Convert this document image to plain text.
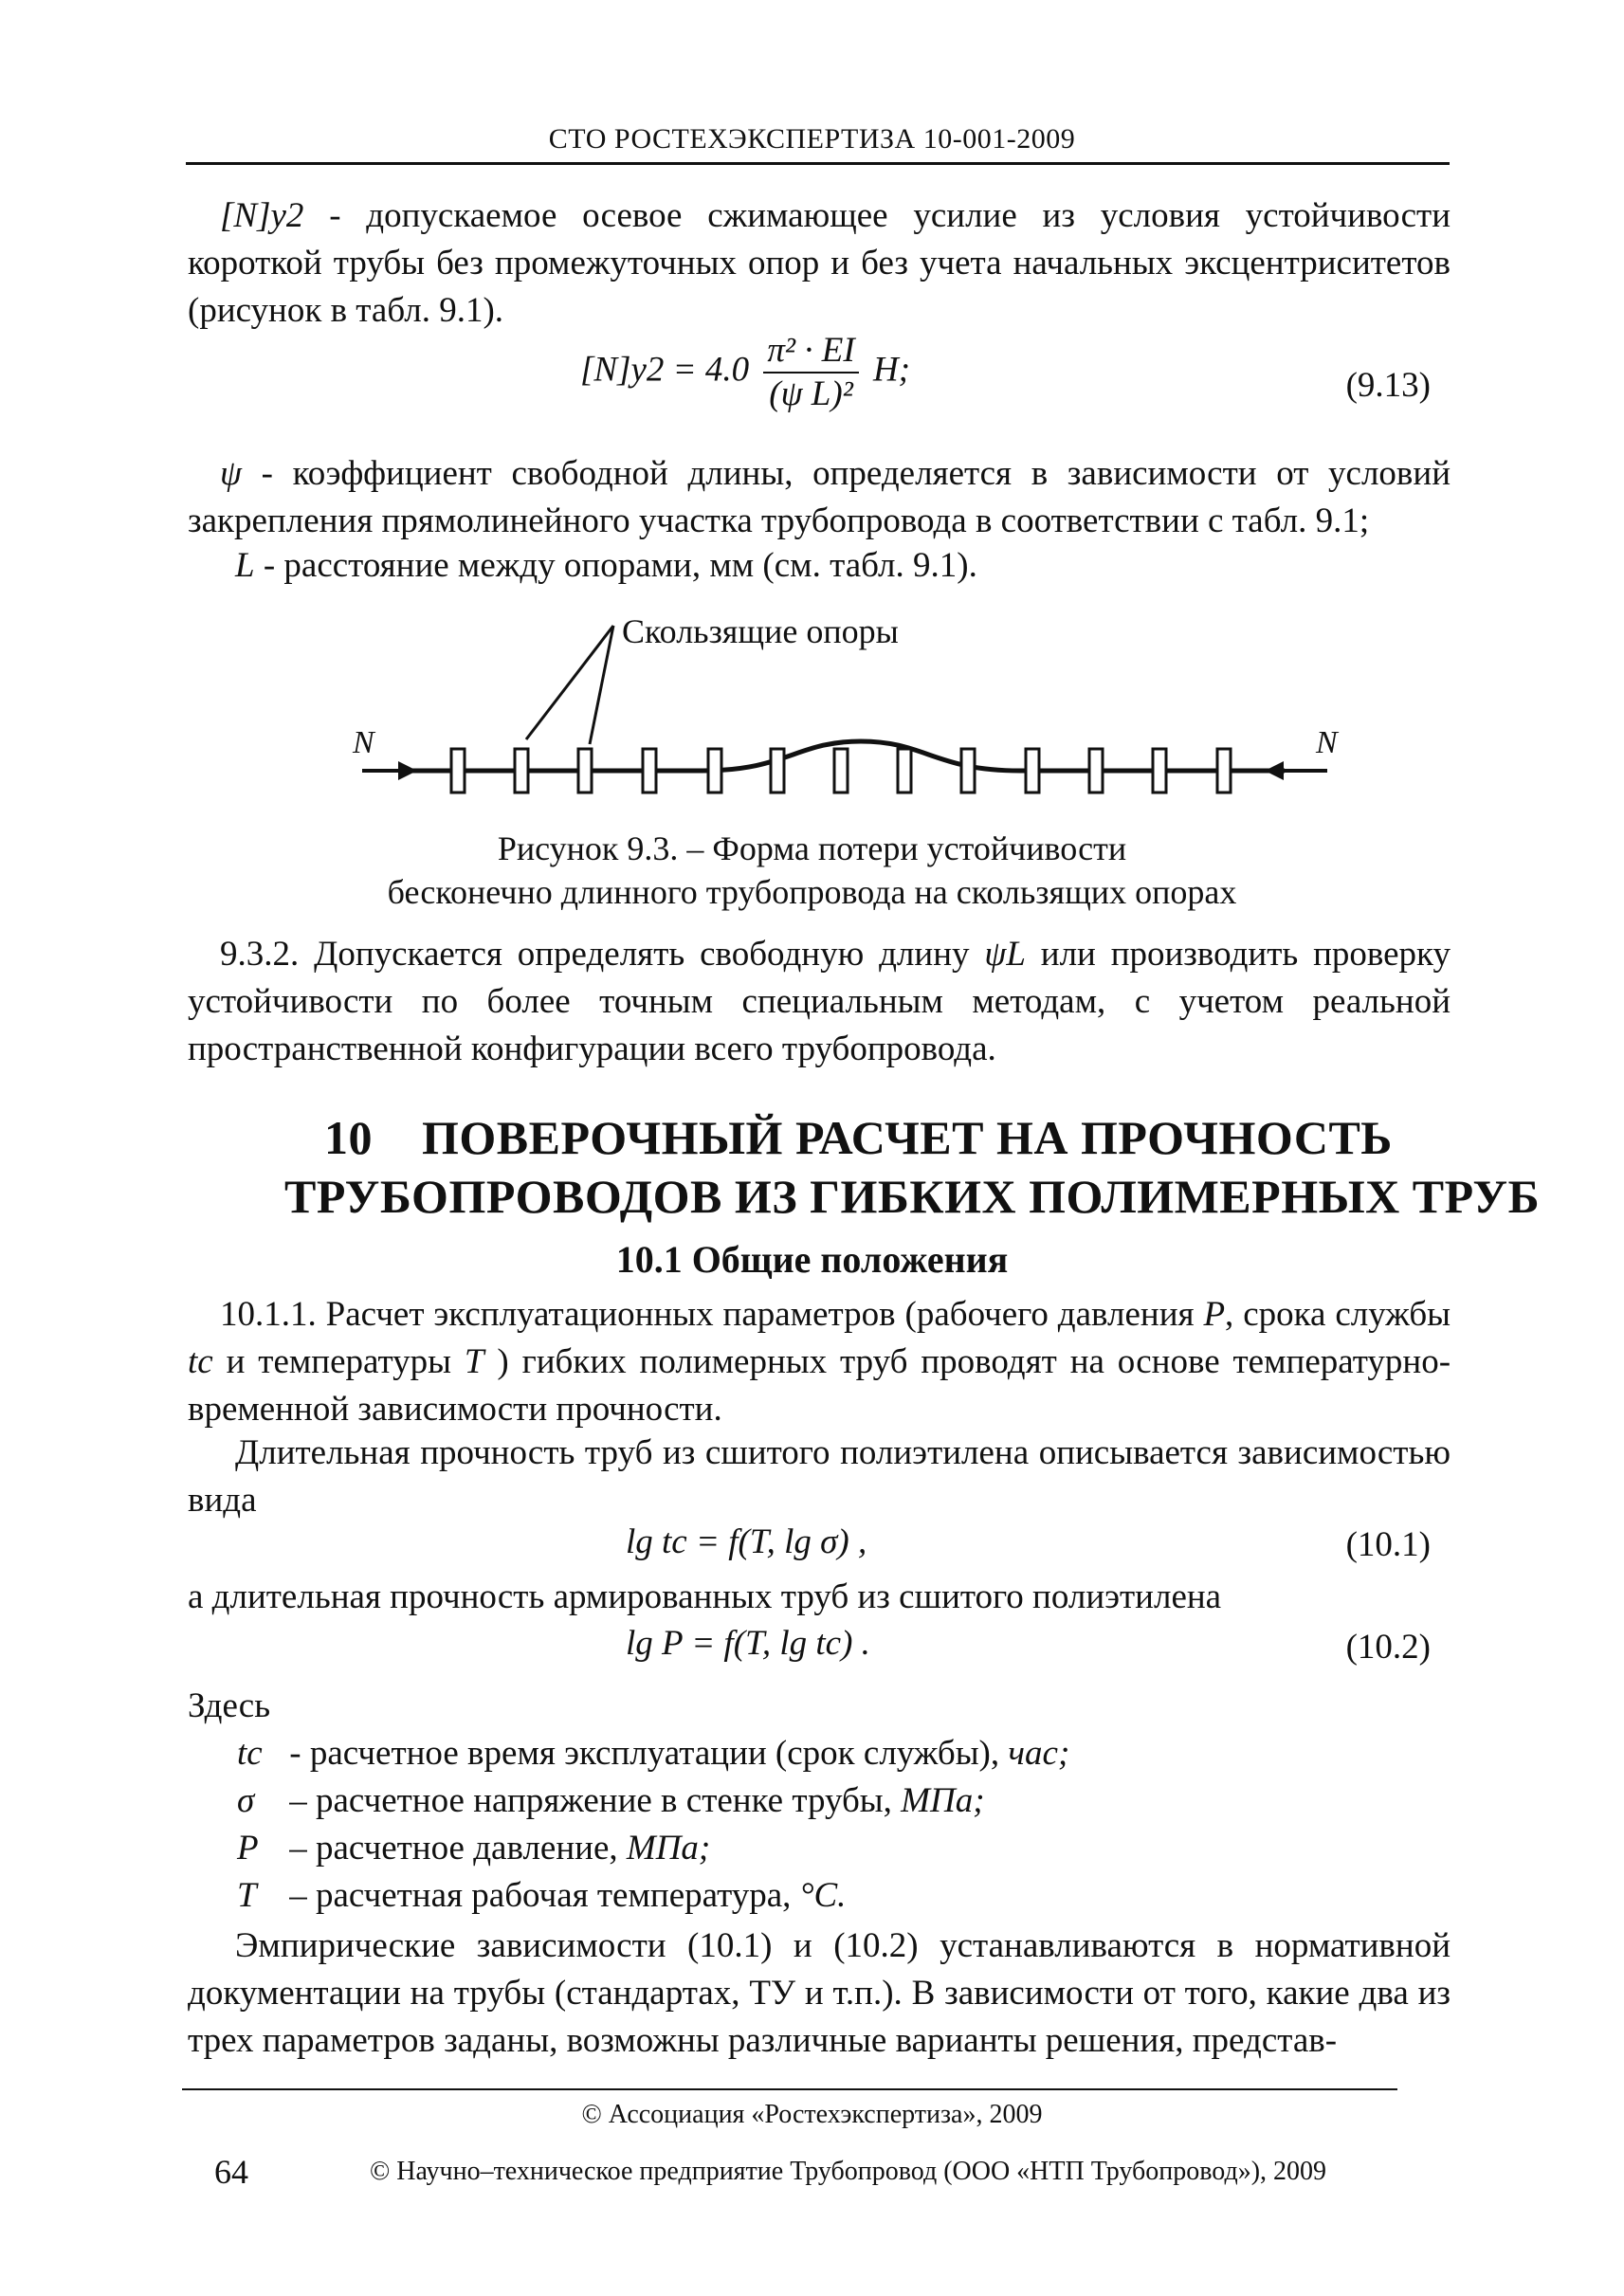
СТО РОСТЕХЭКСПЕРТИЗА 10-001-2009

[N]y2 - допускаемое осевое сжимающее усилие из условия устойчивости короткой трубы без промежуточных опор и без учета начальных эксцентриситетов (рисунок в табл. 9.1).

$[N]y2 = 4.0 \frac{\text{π² · EI}}{\text{(ψ L)²}} H$;	(9.13)

ψ - коэффициент свободной длины, определяется в зависимости от условий закрепления прямолинейного участка трубопровода в соответствии с табл. 9.1;

L - расстояние между опорами, мм (см. табл. 9.1).

Скользящие опоры
N	N
Рисунок 9.3. – Форма потери устойчивости
бесконечно длинного трубопровода на скользящих опорах

9.3.2. Допускается определять свободную длину ψL или производить проверку устойчивости по более точным специальным методам, с учетом реальной пространственной конфигурации всего трубопровода.

10 ПОВЕРОЧНЫЙ РАСЧЕТ НА ПРОЧНОСТЬ
ТРУБОПРОВОДОВ ИЗ ГИБКИХ ПОЛИМЕРНЫХ ТРУБ
10.1 Общие положения

10.1.1. Расчет эксплуатационных параметров (рабочего давления P, срока службы tc и температуры T ) гибких полимерных труб проводят на основе температурно-временной зависимости прочности.

Длительная прочность труб из сшитого полиэтилена описывается зависимостью вида

lg tc = f(T, lg σ) ,	(10.1)

а длительная прочность армированных труб из сшитого полиэтилена

lg P = f(T, lg tc) .	(10.2)

Здесь

tc - расчетное время эксплуатации (срок службы), час;
σ – расчетное напряжение в стенке трубы, МПа;
P – расчетное давление, МПа;
T – расчетная рабочая температура, °C.

Эмпирические зависимости (10.1) и (10.2) устанавливаются в нормативной документации на трубы (стандартах, ТУ и т.п.). В зависимости от того, какие два из трех параметров заданы, возможны различные варианты решения, представ-

© Ассоциация «Ростехэкспертиза», 2009
64	© Научно–техническое предприятие Трубопровод (ООО «НТП Трубопровод»), 2009
